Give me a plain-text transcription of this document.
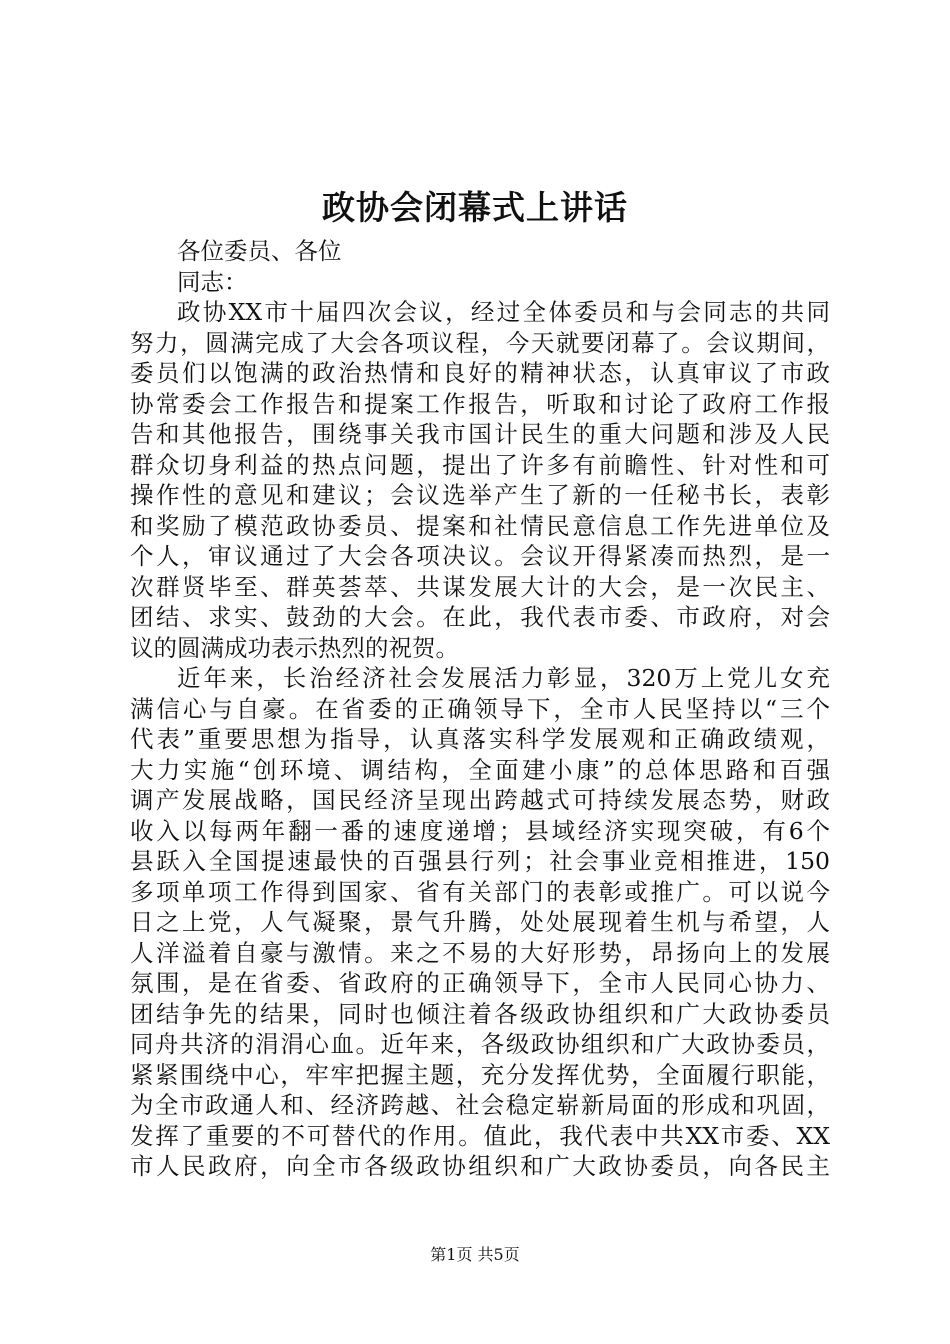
政协会闭幕式上讲话
各位委员、各位
同志：
政协XX市十届四次会议，经过全体委员和与会同志的共同
努力，圆满完成了大会各项议程，今天就要闭幕了。会议期间，
委员们以饱满的政治热情和良好的精神状态，认真审议了市政
协常委会工作报告和提案工作报告，听取和讨论了政府工作报
告和其他报告，围绕事关我市国计民生的重大问题和涉及人民
群众切身利益的热点问题，提出了许多有前瞻性、针对性和可
操作性的意见和建议；会议选举产生了新的一任秘书长，表彰
和奖励了模范政协委员、提案和社情民意信息工作先进单位及
个人，审议通过了大会各项决议。会议开得紧凑而热烈，是一
次群贤毕至、群英荟萃、共谋发展大计的大会，是一次民主、
团结、求实、鼓劲的大会。在此，我代表市委、市政府，对会
议的圆满成功表示热烈的祝贺。
近年来，长治经济社会发展活力彰显，320万上党儿女充
满信心与自豪。在省委的正确领导下，全市人民坚持以“三个
代表”重要思想为指导，认真落实科学发展观和正确政绩观，
大力实施“创环境、调结构，全面建小康”的总体思路和百强
调产发展战略，国民经济呈现出跨越式可持续发展态势，财政
收入以每两年翻一番的速度递增；县域经济实现突破，有6个
县跃入全国提速最快的百强县行列；社会事业竞相推进，150
多项单项工作得到国家、省有关部门的表彰或推广。可以说今
日之上党，人气凝聚，景气升腾，处处展现着生机与希望，人
人洋溢着自豪与激情。来之不易的大好形势，昂扬向上的发展
氛围，是在省委、省政府的正确领导下，全市人民同心协力、
团结争先的结果，同时也倾注着各级政协组织和广大政协委员
同舟共济的涓涓心血。近年来，各级政协组织和广大政协委员，
紧紧围绕中心，牢牢把握主题，充分发挥优势，全面履行职能，
为全市政通人和、经济跨越、社会稳定崭新局面的形成和巩固，
发挥了重要的不可替代的作用。值此，我代表中共XX市委、XX
市人民政府，向全市各级政协组织和广大政协委员，向各民主
第1页 共5页
